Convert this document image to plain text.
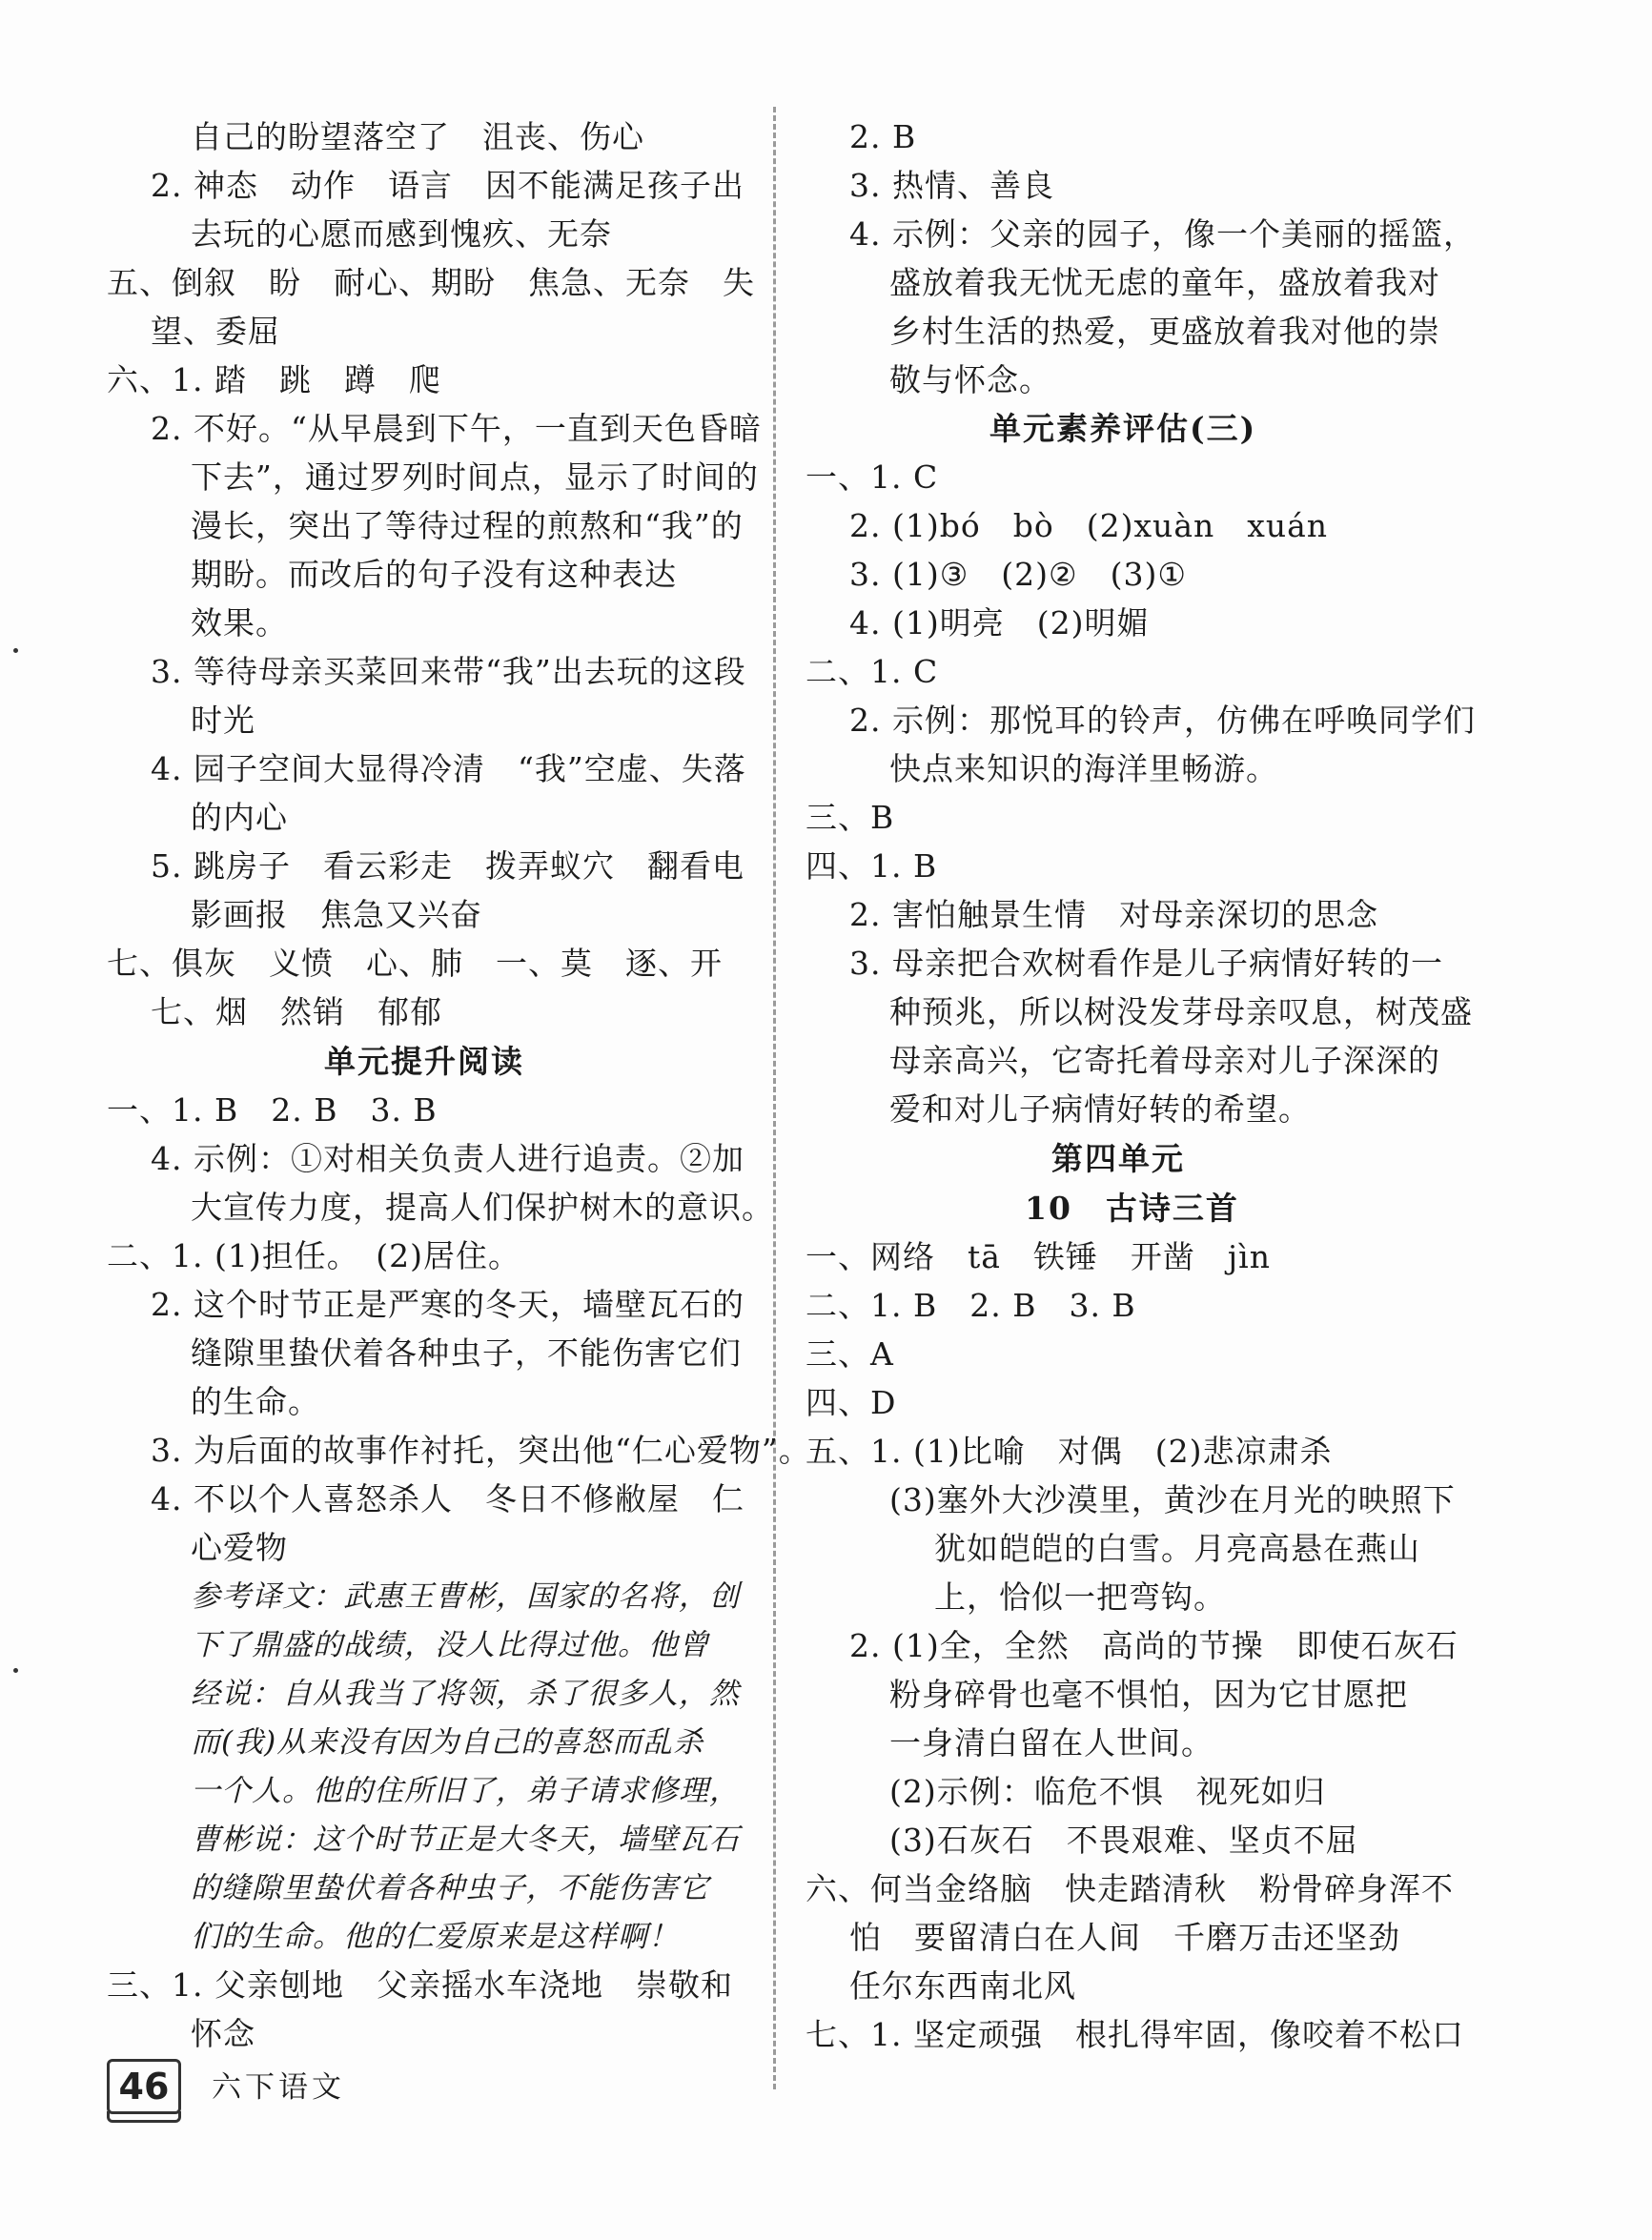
自己的盼望落空了　沮丧、伤心
2. 神态　动作　语言　因不能满足孩子出
去玩的心愿而感到愧疚、无奈
五、倒叙　盼　耐心、期盼　焦急、无奈　失
望、委屈
六、1. 踏　跳　蹲　爬
2. 不好。“从早晨到下午，一直到天色昏暗
下去”，通过罗列时间点，显示了时间的
漫长，突出了等待过程的煎熬和“我”的
期盼。而改后的句子没有这种表达
效果。
3. 等待母亲买菜回来带“我”出去玩的这段
时光
4. 园子空间大显得冷清　“我”空虚、失落
的内心
5. 跳房子　看云彩走　拨弄蚁穴　翻看电
影画报　焦急又兴奋
七、俱灰　义愤　心、肺　一、莫　逐、开
七、烟　然销　郁郁
单元提升阅读
一、1. B　2. B　3. B
4. 示例：①对相关负责人进行追责。②加
大宣传力度，提高人们保护树木的意识。
二、1. (1)担任。　(2)居住。
2. 这个时节正是严寒的冬天，墙壁瓦石的
缝隙里蛰伏着各种虫子，不能伤害它们
的生命。
3. 为后面的故事作衬托，突出他“仁心爱物”。
4. 不以个人喜怒杀人　冬日不修敝屋　仁
心爱物
参考译文：武惠王曹彬，国家的名将，创
下了鼎盛的战绩，没人比得过他。他曾
经说：自从我当了将领，杀了很多人，然
而(我)从来没有因为自己的喜怒而乱杀
一个人。他的住所旧了，弟子请求修理，
曹彬说：这个时节正是大冬天，墙壁瓦石
的缝隙里蛰伏着各种虫子，不能伤害它
们的生命。他的仁爱原来是这样啊！
三、1. 父亲刨地　父亲摇水车浇地　崇敬和
怀念
2. B
3. 热情、善良
4. 示例：父亲的园子，像一个美丽的摇篮，
盛放着我无忧无虑的童年，盛放着我对
乡村生活的热爱，更盛放着我对他的崇
敬与怀念。
单元素养评估(三)
一、1. C
2. (1)bó　bò　(2)xuàn　xuán
3. (1)③　(2)②　(3)①
4. (1)明亮　(2)明媚
二、1. C
2. 示例：那悦耳的铃声，仿佛在呼唤同学们
快点来知识的海洋里畅游。
三、B
四、1. B
2. 害怕触景生情　对母亲深切的思念
3. 母亲把合欢树看作是儿子病情好转的一
种预兆，所以树没发芽母亲叹息，树茂盛
母亲高兴，它寄托着母亲对儿子深深的
爱和对儿子病情好转的希望。
第四单元
10　古诗三首
一、网络　tā　铁锤　开凿　jìn
二、1. B　2. B　3. B
三、A
四、D
五、1. (1)比喻　对偶　(2)悲凉肃杀
(3)塞外大沙漠里，黄沙在月光的映照下
犹如皑皑的白雪。月亮高悬在燕山
上，恰似一把弯钩。
2. (1)全，全然　高尚的节操　即使石灰石
粉身碎骨也毫不惧怕，因为它甘愿把
一身清白留在人世间。
(2)示例：临危不惧　视死如归
(3)石灰石　不畏艰难、坚贞不屈
六、何当金络脑　快走踏清秋　粉骨碎身浑不
怕　要留清白在人间　千磨万击还坚劲
任尔东西南北风
七、1. 坚定顽强　根扎得牢固，像咬着不松口
46	六下语文
